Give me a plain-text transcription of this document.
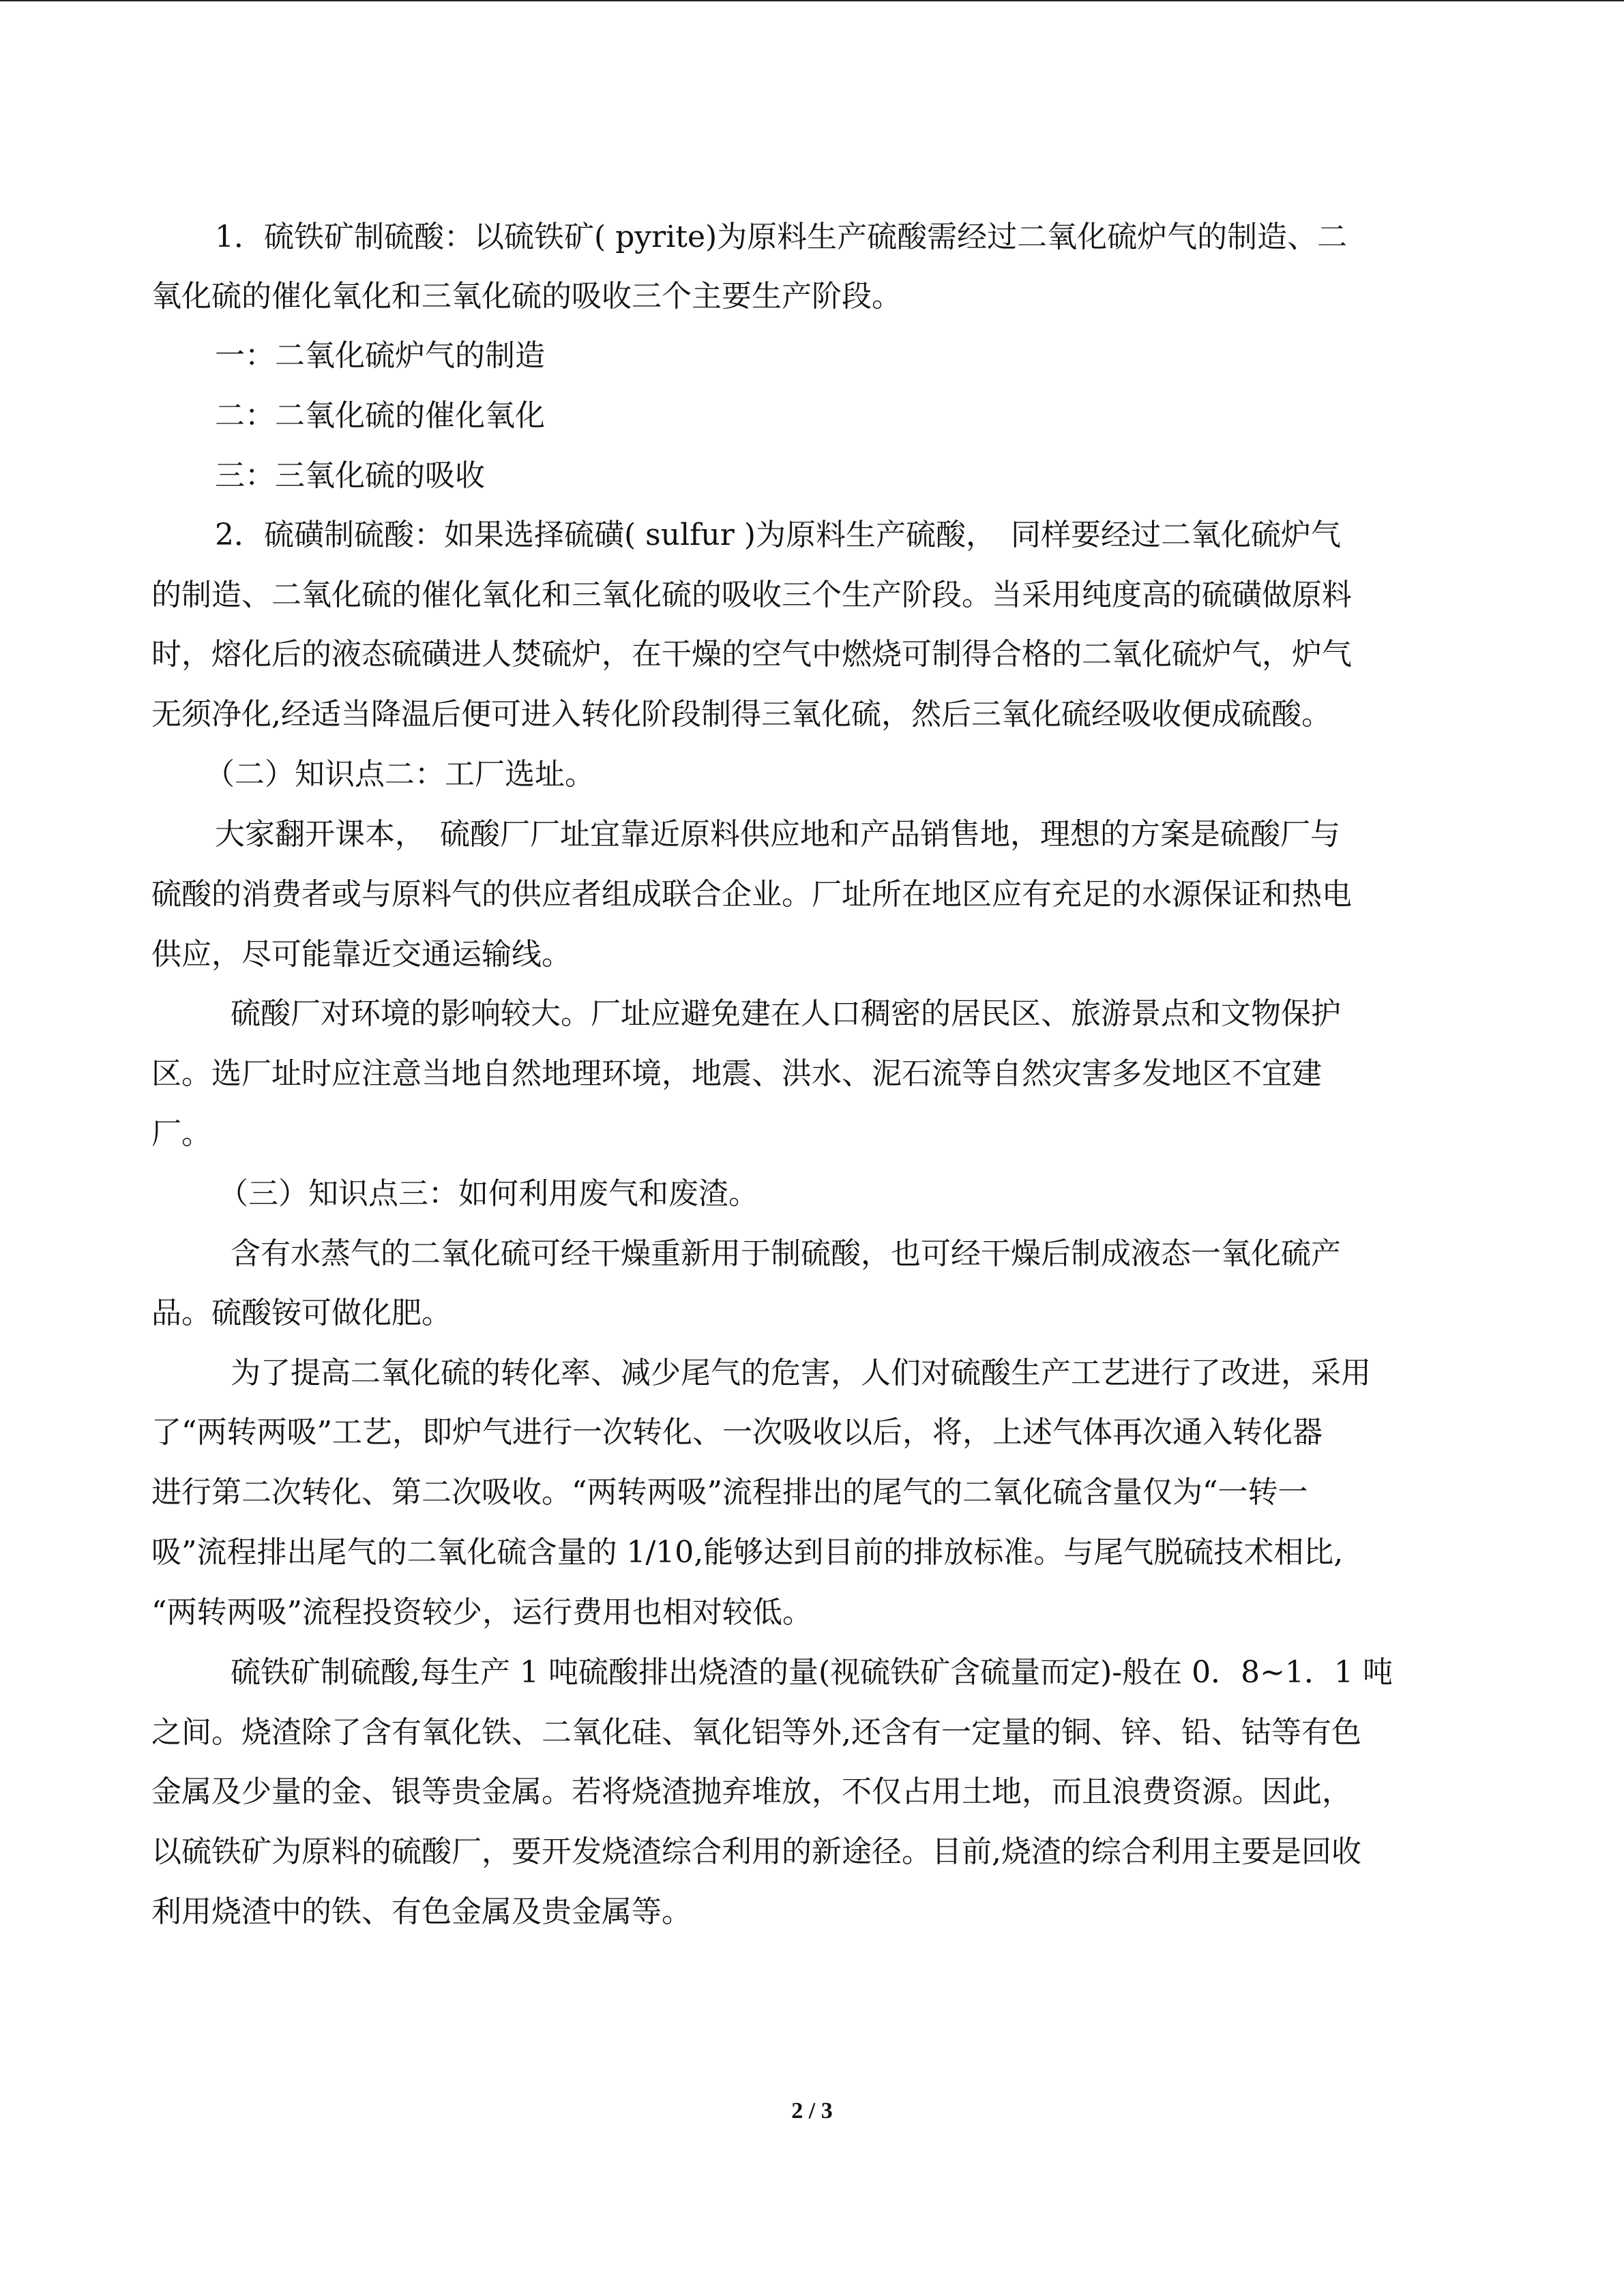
1．硫铁矿制硫酸：以硫铁矿( pyrite)为原料生产硫酸需经过二氧化硫炉气的制造、二
氧化硫的催化氧化和三氧化硫的吸收三个主要生产阶段。
一：二氧化硫炉气的制造
二：二氧化硫的催化氧化
三：三氧化硫的吸收
2．硫磺制硫酸：如果选择硫磺( sulfur )为原料生产硫酸，　同样要经过二氧化硫炉气
的制造、二氧化硫的催化氧化和三氧化硫的吸收三个生产阶段。当采用纯度高的硫磺做原料
时，熔化后的液态硫磺进人焚硫炉，在干燥的空气中燃烧可制得合格的二氧化硫炉气，炉气
无须净化,经适当降温后便可进入转化阶段制得三氧化硫，然后三氧化硫经吸收便成硫酸。
（二）知识点二：工厂选址。
大家翻开课本，　硫酸厂厂址宜靠近原料供应地和产品销售地，理想的方案是硫酸厂与
硫酸的消费者或与原料气的供应者组成联合企业。厂址所在地区应有充足的水源保证和热电
供应，尽可能靠近交通运输线。
硫酸厂对环境的影响较大。厂址应避免建在人口稠密的居民区、旅游景点和文物保护
区。选厂址时应注意当地自然地理环境，地震、洪水、泥石流等自然灾害多发地区不宜建
厂。
（三）知识点三：如何利用废气和废渣。
含有水蒸气的二氧化硫可经干燥重新用于制硫酸，也可经干燥后制成液态一氧化硫产
品。硫酸铵可做化肥。
为了提高二氧化硫的转化率、减少尾气的危害，人们对硫酸生产工艺进行了改进，采用
了“两转两吸”工艺，即炉气进行一次转化、一次吸收以后，将，上述气体再次通入转化器
进行第二次转化、第二次吸收。“两转两吸”流程排出的尾气的二氧化硫含量仅为“一转一
吸”流程排出尾气的二氧化硫含量的 1/10,能够达到目前的排放标准。与尾气脱硫技术相比,
“两转两吸”流程投资较少，运行费用也相对较低。
硫铁矿制硫酸,每生产 1 吨硫酸排出烧渣的量(视硫铁矿含硫量而定)-般在 0．8~1．1 吨
之间。烧渣除了含有氧化铁、二氧化硅、氧化铝等外,还含有一定量的铜、锌、铅、钴等有色
金属及少量的金、银等贵金属。若将烧渣抛弃堆放，不仅占用土地，而且浪费资源。因此，
以硫铁矿为原料的硫酸厂，要开发烧渣综合利用的新途径。目前,烧渣的综合利用主要是回收
利用烧渣中的铁、有色金属及贵金属等。
2 / 3
